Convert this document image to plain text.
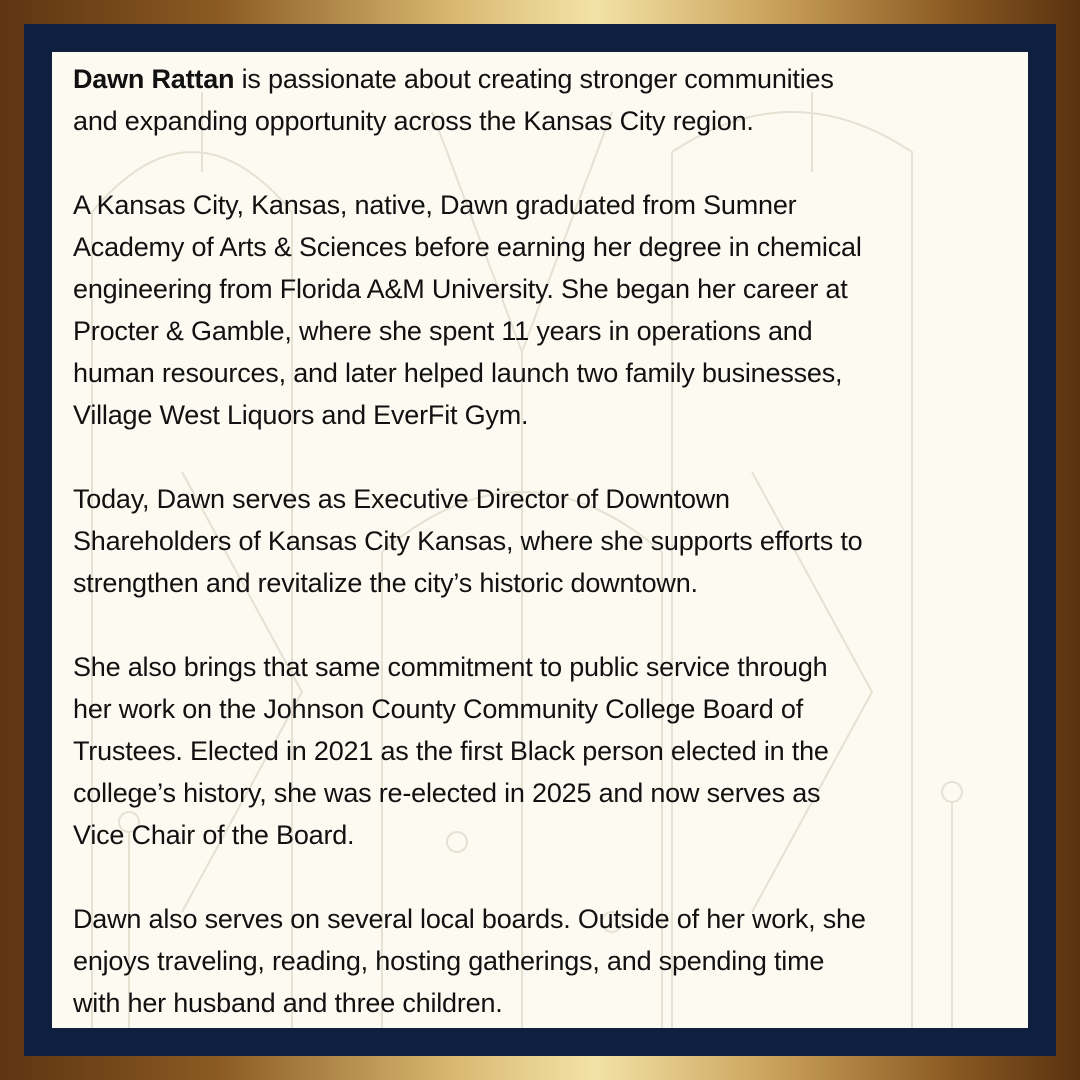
Dawn Rattan is passionate about creating stronger communities
and expanding opportunity across the Kansas City region.

A Kansas City, Kansas, native, Dawn graduated from Sumner
Academy of Arts & Sciences before earning her degree in chemical
engineering from Florida A&M University. She began her career at
Procter & Gamble, where she spent 11 years in operations and
human resources, and later helped launch two family businesses,
Village West Liquors and EverFit Gym.

Today, Dawn serves as Executive Director of Downtown
Shareholders of Kansas City Kansas, where she supports efforts to
strengthen and revitalize the city’s historic downtown.

She also brings that same commitment to public service through
her work on the Johnson County Community College Board of
Trustees. Elected in 2021 as the first Black person elected in the
college’s history, she was re-elected in 2025 and now serves as
Vice Chair of the Board.

Dawn also serves on several local boards. Outside of her work, she
enjoys traveling, reading, hosting gatherings, and spending time
with her husband and three children.
